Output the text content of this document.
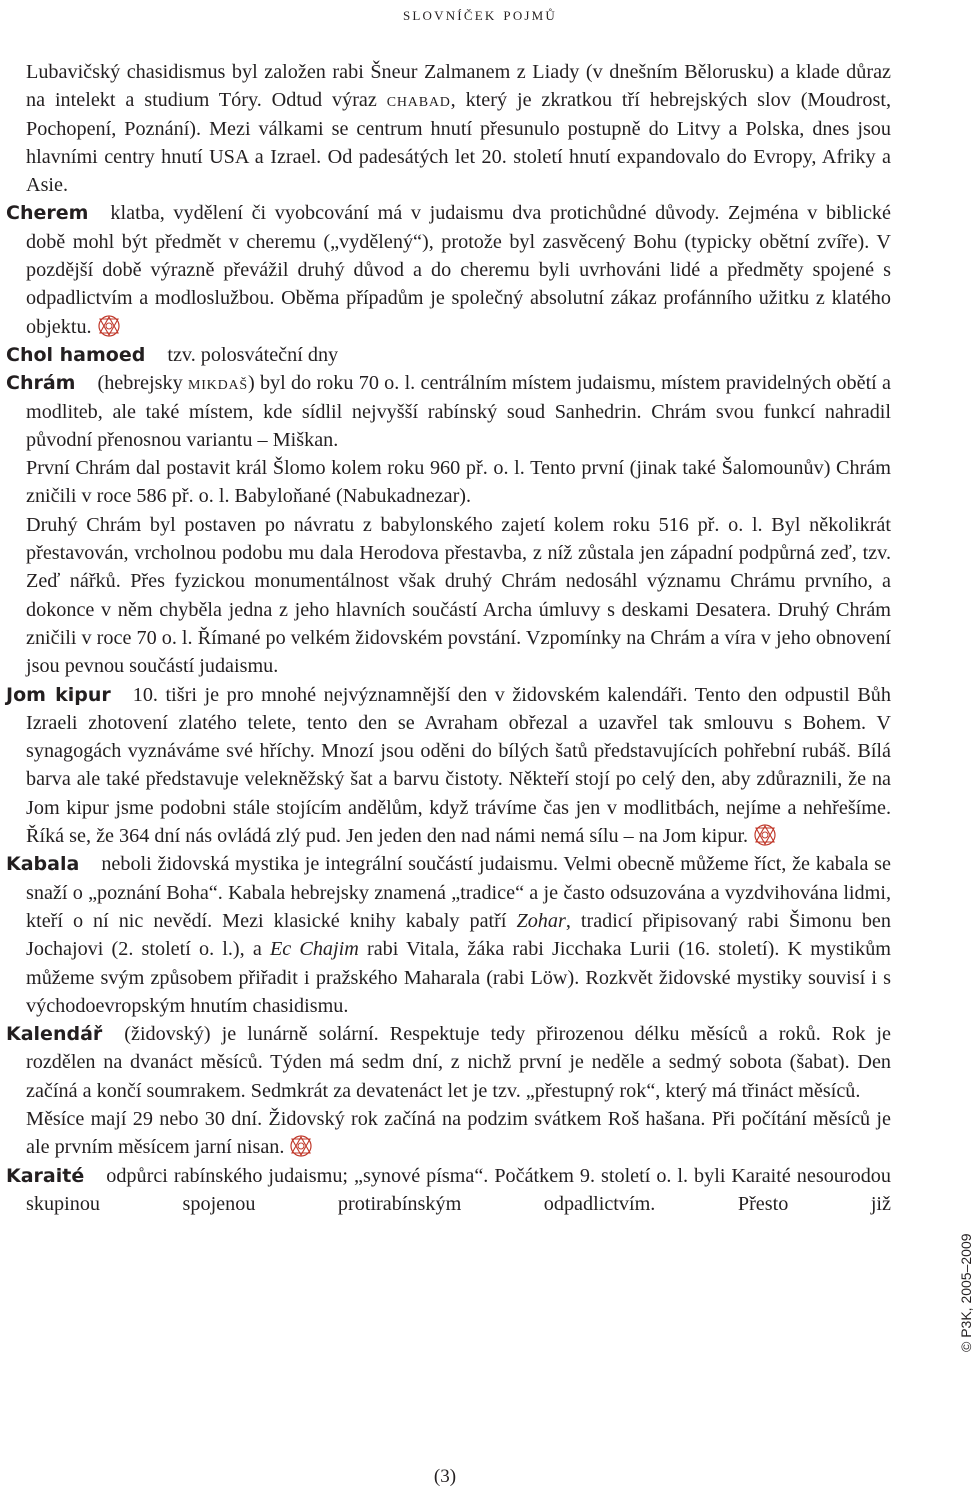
slovníček pojmů

Lubavičský chasidismus byl založen rabi Šneur Zalmanem z Liady (v dnešním Bělorusku) a klade důraz na intelekt a studium Tóry. Odtud výraz chabad, který je zkratkou tří hebrejských slov (Moudrost, Pochopení, Poznání). Mezi válkami se centrum hnutí přesunulo postupně do Litvy a Polska, dnes jsou hlavními centry hnutí USA a Izrael. Od padesátých let 20. století hnutí expandovalo do Evropy, Afriky a Asie.

Cherem klatba, vydělení či vyobcování má v judaismu dva protichůdné důvody. Zejména v biblické době mohl být předmět v cheremu („vydělený“), protože byl zasvěcený Bohu (typicky obětní zvíře). V pozdější době výrazně převážil druhý důvod a do cheremu byli uvrhováni lidé a předměty spojené s odpadlictvím a modloslužbou. Oběma případům je společný absolutní zákaz profánního užitku z klatého objektu.

Chol hamoed tzv. polosváteční dny

Chrám (hebrejsky mikdaš) byl do roku 70 o. l. centrálním místem judaismu, místem pravidelných obětí a modliteb, ale také místem, kde sídlil nejvyšší rabínský soud Sanhedrin. Chrám svou funkcí nahradil původní přenosnou variantu – Miškan.

První Chrám dal postavit král Šlomo kolem roku 960 př. o. l. Tento první (jinak také Šalomounův) Chrám zničili v roce 586 př. o. l. Babyloňané (Nabukadnezar).

Druhý Chrám byl postaven po návratu z babylonského zajetí kolem roku 516 př. o. l. Byl několikrát přestavován, vrcholnou podobu mu dala Herodova přestavba, z níž zůstala jen západní podpůrná zeď, tzv. Zeď nářků. Přes fyzickou monumentálnost však druhý Chrám nedosáhl významu Chrámu prvního, a dokonce v něm chyběla jedna z jeho hlavních součástí Archa úmluvy s deskami Desatera. Druhý Chrám zničili v roce 70 o. l. Římané po velkém židovském povstání. Vzpomínky na Chrám a víra v jeho obnovení jsou pevnou součástí judaismu.

Jom kipur 10. tišri je pro mnohé nejvýznamnější den v židovském kalendáři. Tento den odpustil Bůh Izraeli zhotovení zlatého telete, tento den se Avraham obřezal a uzavřel tak smlouvu s Bohem. V synagogách vyznáváme své hříchy. Mnozí jsou oděni do bílých šatů představujících pohřební rubáš. Bílá barva ale také představuje velekněžský šat a barvu čistoty. Někteří stojí po celý den, aby zdůraznili, že na Jom kipur jsme podobni stále stojícím andělům, když trávíme čas jen v modlitbách, nejíme a nehřešíme. Říká se, že 364 dní nás ovládá zlý pud. Jen jeden den nad námi nemá sílu – na Jom kipur.

Kabala neboli židovská mystika je integrální součástí judaismu. Velmi obecně můžeme říct, že kabala se snaží o „poznání Boha“. Kabala hebrejsky znamená „tradice“ a je často odsuzována a vyzdvihována lidmi, kteří o ní nic nevědí. Mezi klasické knihy kabaly patří Zohar, tradicí připisovaný rabi Šimonu ben Jochajovi (2. století o. l.), a Ec Chajim rabi Vitala, žáka rabi Jicchaka Lurii (16. století). K mystikům můžeme svým způsobem přiřadit i pražského Maharala (rabi Löw). Rozkvět židovské mystiky souvisí i s východoevropským hnutím chasidismu.

Kalendář (židovský) je lunárně solární. Respektuje tedy přirozenou délku měsíců a roků. Rok je rozdělen na dvanáct měsíců. Týden má sedm dní, z nichž první je neděle a sedmý sobota (šabat). Den začíná a končí soumrakem. Sedmkrát za devatenáct let je tzv. „přestupný rok“, který má třináct měsíců.

Měsíce mají 29 nebo 30 dní. Židovský rok začíná na podzim svátkem Roš hašana. Při počítání měsíců je ale prvním měsícem jarní nisan.

Karaité odpůrci rabínského judaismu; „synové písma“. Počátkem 9. století o. l. byli Karaité nesourodou skupinou spojenou protirabínským odpadlictvím. Přesto již

© P3K, 2005–2009
(3)
